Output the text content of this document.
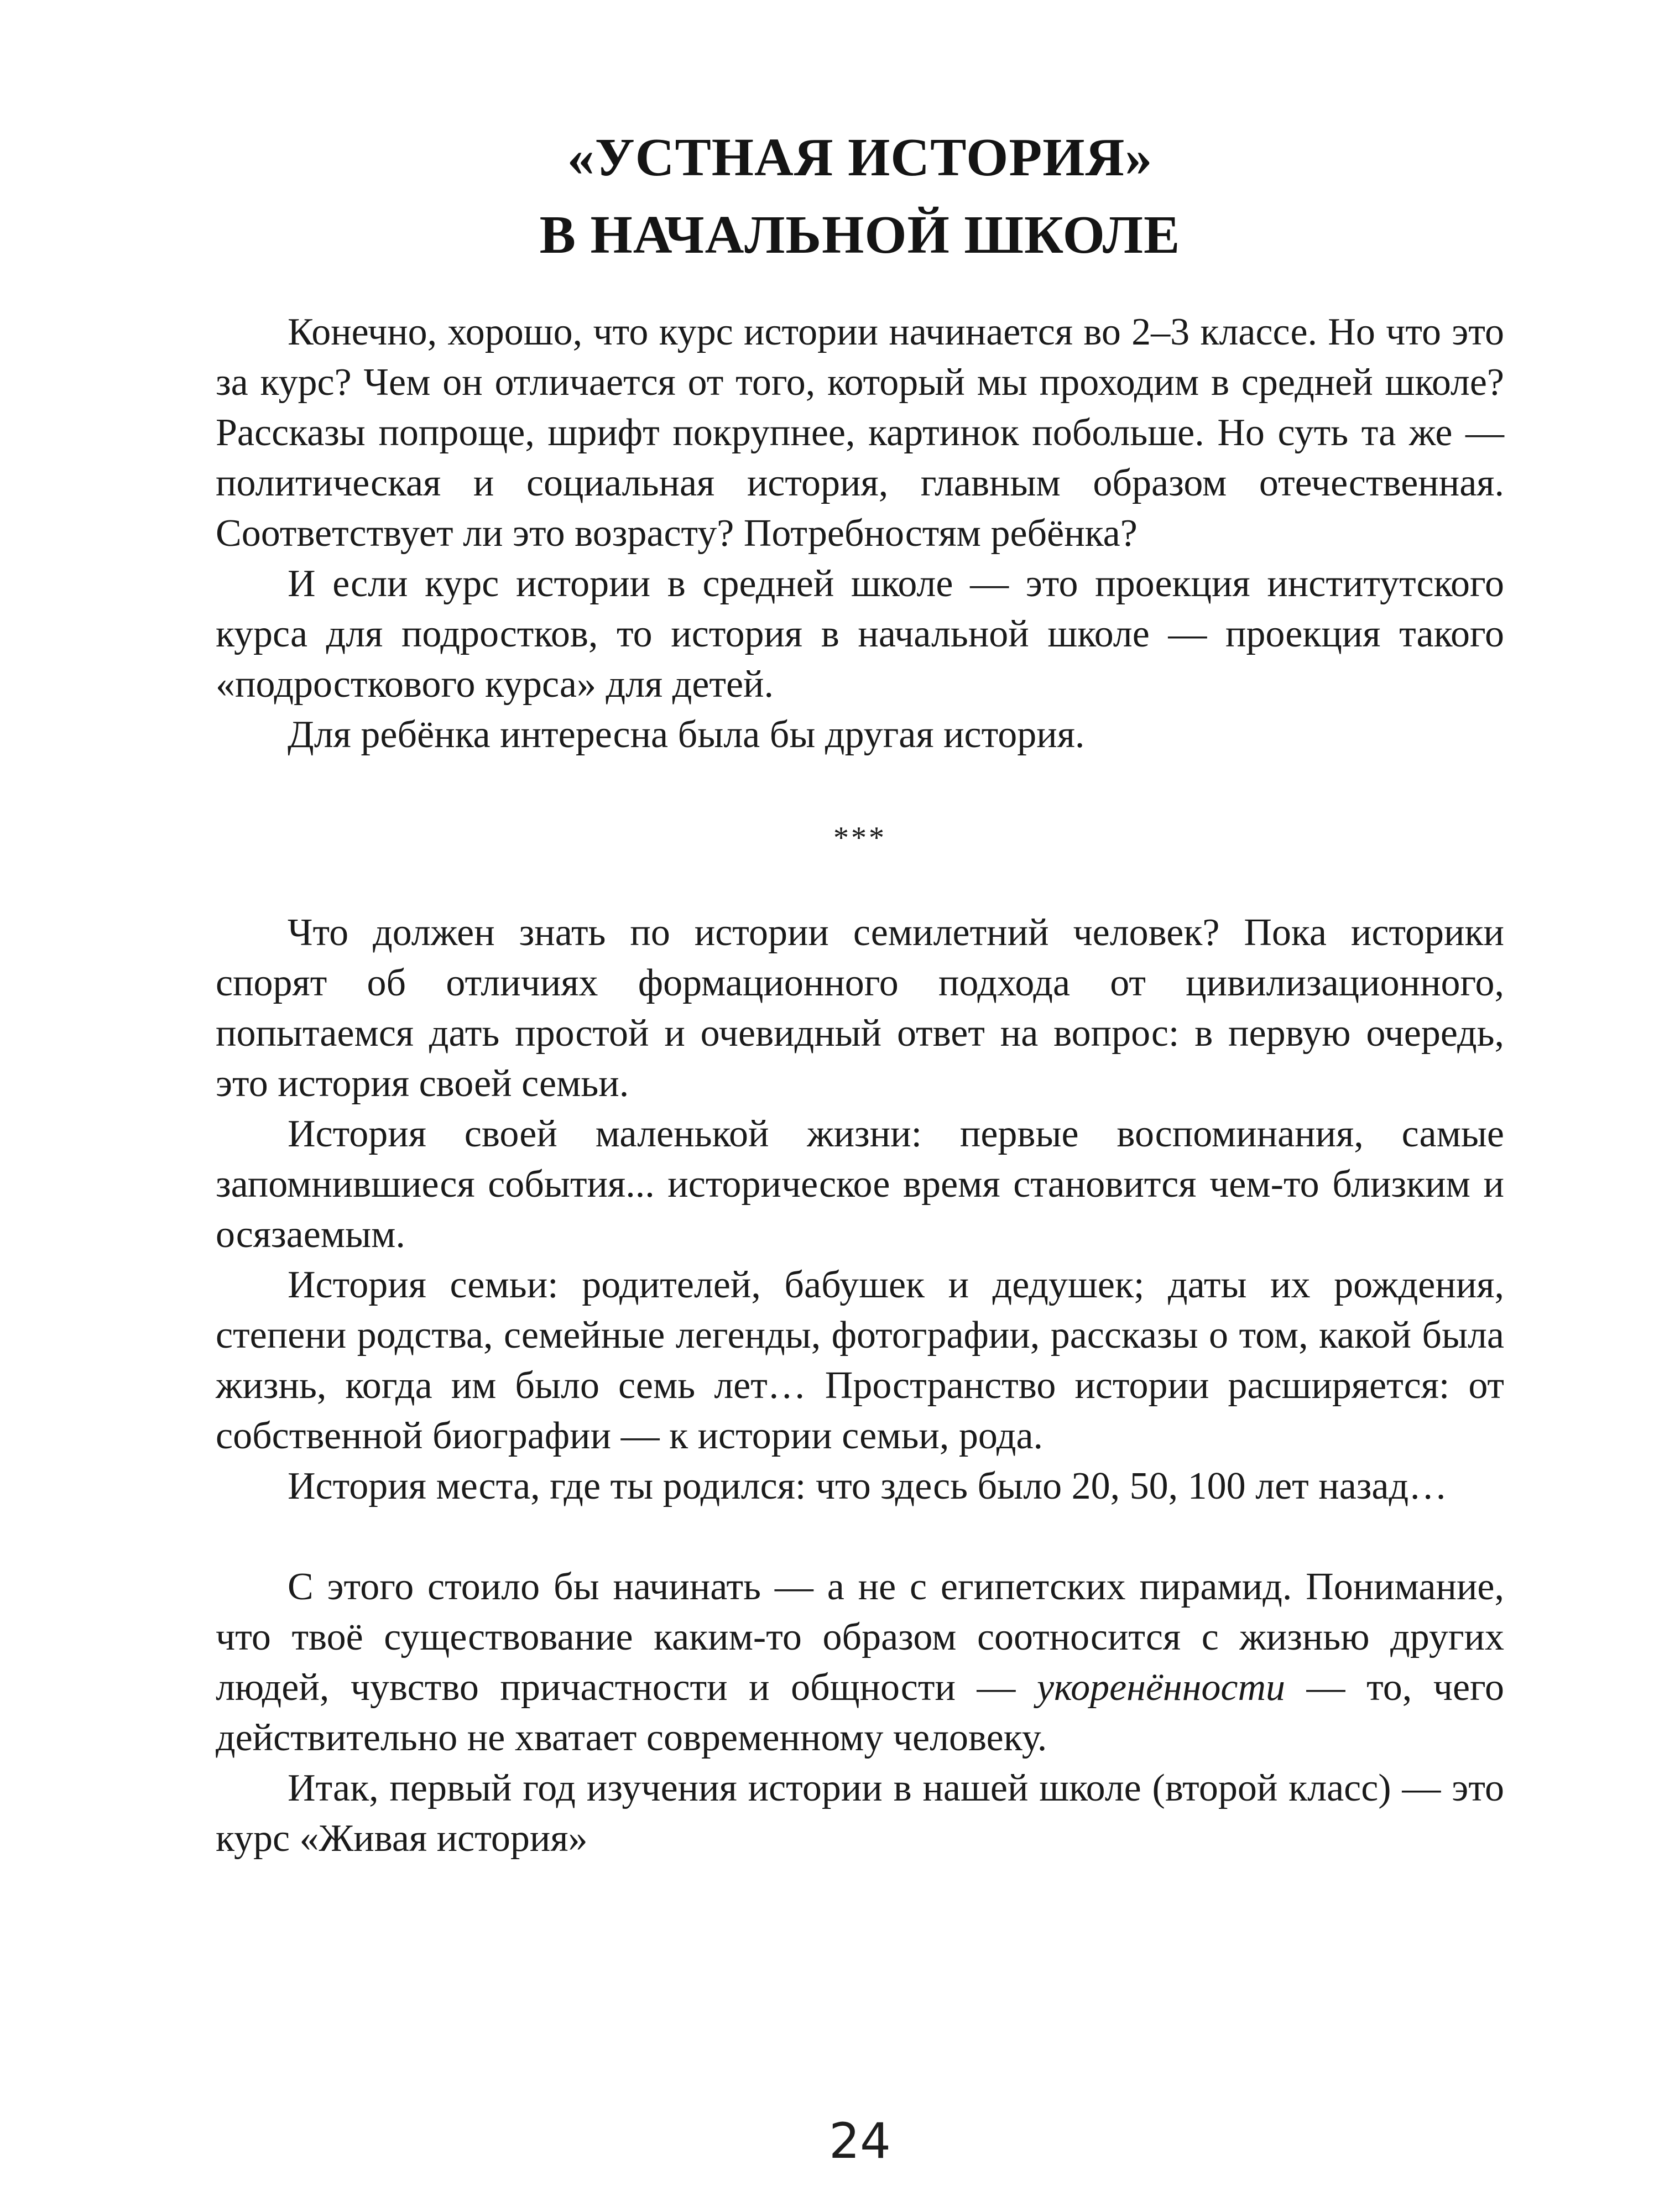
«УСТНАЯ ИСТОРИЯ»
В НАЧАЛЬНОЙ ШКОЛЕ

Конечно, хорошо, что курс истории начинается во 2–3 классе. Но что это за курс? Чем он отличается от того, который мы проходим в средней школе? Рассказы попроще, шрифт покрупнее, картинок побольше. Но суть та же — политическая и социальная история, главным образом отечественная. Соответствует ли это возрасту? Потребностям ребёнка?

И если курс истории в средней школе — это проекция институтского курса для подростков, то история в начальной школе — проекция такого «подросткового курса» для детей.

Для ребёнка интересна была бы другая история.

***

Что должен знать по истории семилетний человек? Пока историки спорят об отличиях формационного подхода от цивилизационного, попытаемся дать простой и очевидный ответ на вопрос: в первую очередь, это история своей семьи.

История своей маленькой жизни: первые воспоминания, самые запомнившиеся события... историческое время становится чем-то близким и осязаемым.

История семьи: родителей, бабушек и дедушек; даты их рождения, степени родства, семейные легенды, фотографии, рассказы о том, какой была жизнь, когда им было семь лет… Пространство истории расширяется: от собственной биографии — к истории семьи, рода.

История места, где ты родился: что здесь было 20, 50, 100 лет назад…

С этого стоило бы начинать — а не с египетских пирамид. Понимание, что твоё существование каким-то образом соотносится с жизнью других людей, чувство причастности и общности — укоренённости — то, чего действительно не хватает современному человеку.

Итак, первый год изучения истории в нашей школе (второй класс) — это курс «Живая история»

24
